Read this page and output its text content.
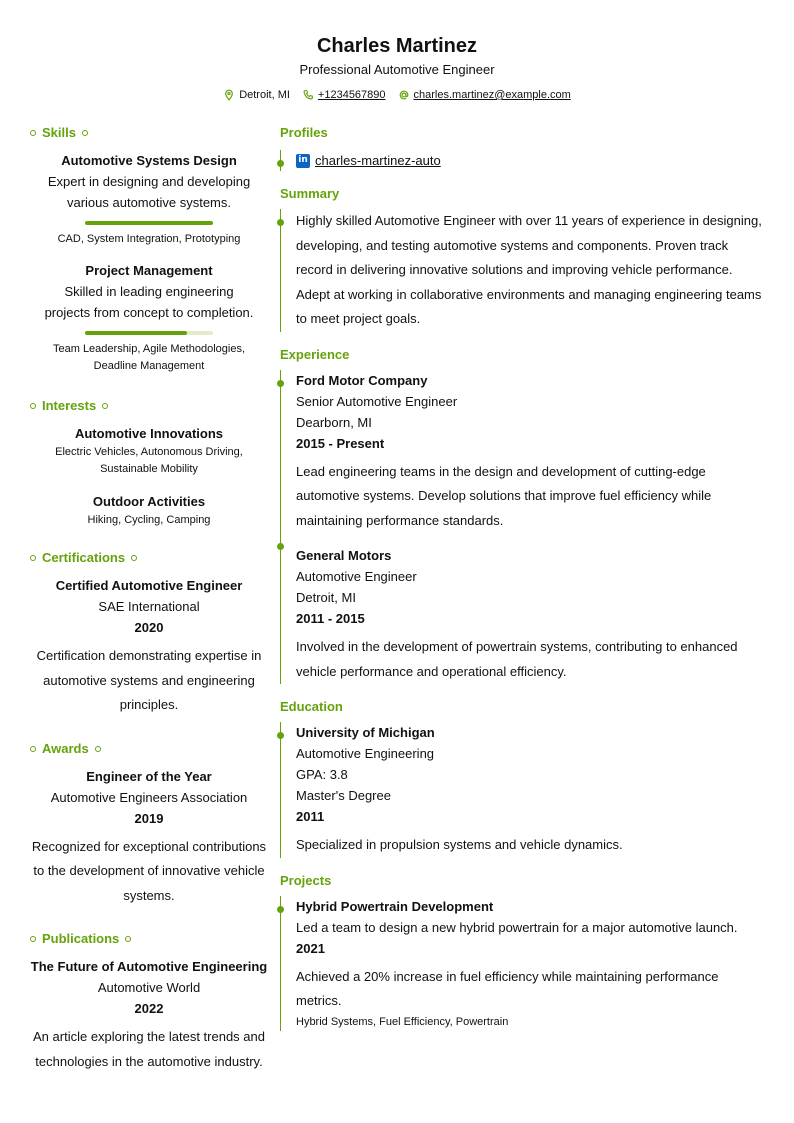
Charles Martinez
Professional Automotive Engineer
Detroit, MI	+1234567890	charles.martinez@example.com
Skills
Automotive Systems Design
Expert in designing and developing various automotive systems.
CAD, System Integration, Prototyping
Project Management
Skilled in leading engineering projects from concept to completion.
Team Leadership, Agile Methodologies, Deadline Management
Interests
Automotive Innovations
Electric Vehicles, Autonomous Driving, Sustainable Mobility
Outdoor Activities
Hiking, Cycling, Camping
Certifications
Certified Automotive Engineer
SAE International
2020
Certification demonstrating expertise in automotive systems and engineering principles.
Awards
Engineer of the Year
Automotive Engineers Association
2019
Recognized for exceptional contributions to the development of innovative vehicle systems.
Publications
The Future of Automotive Engineering
Automotive World
2022
An article exploring the latest trends and technologies in the automotive industry.
Profiles
in charles-martinez-auto
Summary
Highly skilled Automotive Engineer with over 11 years of experience in designing, developing, and testing automotive systems and components. Proven track record in delivering innovative solutions and improving vehicle performance. Adept at working in collaborative environments and managing engineering teams to meet project goals.
Experience
Ford Motor Company
Senior Automotive Engineer
Dearborn, MI
2015 - Present
Lead engineering teams in the design and development of cutting-edge automotive systems. Develop solutions that improve fuel efficiency while maintaining performance standards.
General Motors
Automotive Engineer
Detroit, MI
2011 - 2015
Involved in the development of powertrain systems, contributing to enhanced vehicle performance and operational efficiency.
Education
University of Michigan
Automotive Engineering
GPA: 3.8
Master's Degree
2011
Specialized in propulsion systems and vehicle dynamics.
Projects
Hybrid Powertrain Development
Led a team to design a new hybrid powertrain for a major automotive launch.
2021
Achieved a 20% increase in fuel efficiency while maintaining performance metrics.
Hybrid Systems, Fuel Efficiency, Powertrain
